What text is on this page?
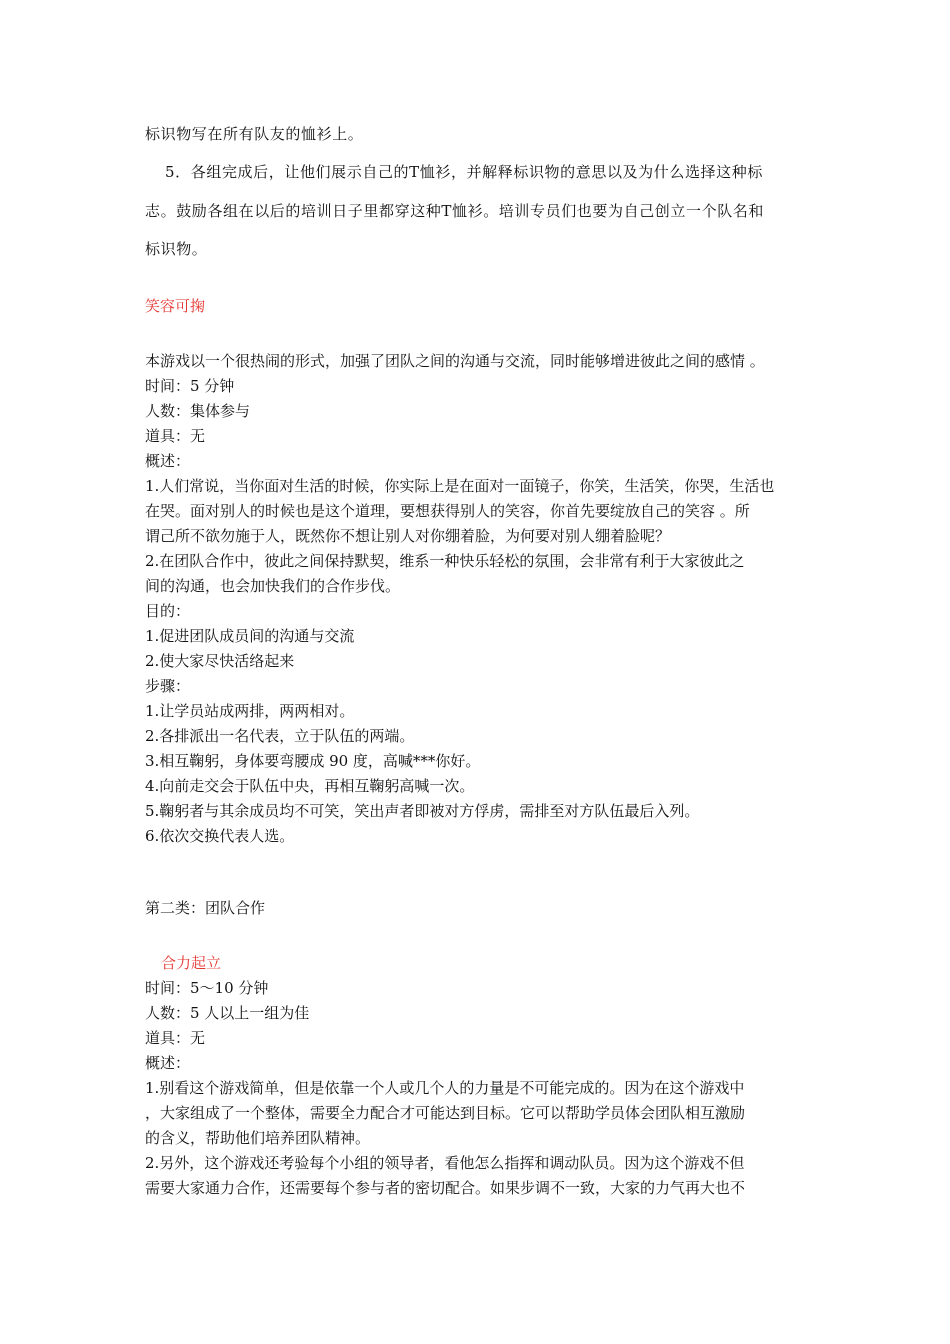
标识物写在所有队友的恤衫上。
5．各组完成后，让他们展示自己的T恤衫，并解释标识物的意思以及为什么选择这种标
志。鼓励各组在以后的培训日子里都穿这种T恤衫。培训专员们也要为自己创立一个队名和
标识物。
笑容可掬
本游戏以一个很热闹的形式，加强了团队之间的沟通与交流，同时能够增进彼此之间的感情 。
时间：5 分钟
人数：集体参与
道具：无
概述：
1.人们常说，当你面对生活的时候，你实际上是在面对一面镜子，你笑，生活笑，你哭，生活也
在哭。面对别人的时候也是这个道理，要想获得别人的笑容，你首先要绽放自己的笑容 。所
谓己所不欲勿施于人，既然你不想让别人对你绷着脸，为何要对别人绷着脸呢？
2.在团队合作中，彼此之间保持默契，维系一种快乐轻松的氛围，会非常有利于大家彼此之
间的沟通，也会加快我们的合作步伐。
目的：
1.促进团队成员间的沟通与交流
2.使大家尽快活络起来
步骤：
1.让学员站成两排，两两相对。
2.各排派出一名代表，立于队伍的两端。
3.相互鞠躬，身体要弯腰成 90 度，高喊***你好。
4.向前走交会于队伍中央，再相互鞠躬高喊一次。
5.鞠躬者与其余成员均不可笑，笑出声者即被对方俘虏，需排至对方队伍最后入列。
6.依次交换代表人选。
第二类：团队合作
合力起立
时间：5～10 分钟
人数：5 人以上一组为佳
道具：无
概述：
1.别看这个游戏简单，但是依靠一个人或几个人的力量是不可能完成的。因为在这个游戏中
，大家组成了一个整体，需要全力配合才可能达到目标。它可以帮助学员体会团队相互激励
的含义，帮助他们培养团队精神。
2.另外，这个游戏还考验每个小组的领导者，看他怎么指挥和调动队员。因为这个游戏不但
需要大家通力合作，还需要每个参与者的密切配合。如果步调不一致，大家的力气再大也不
